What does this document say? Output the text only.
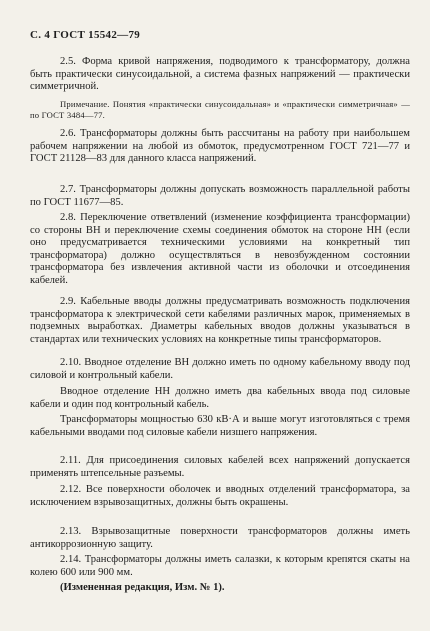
С. 4 ГОСТ 15542—79
2.5. Форма кривой напряжения, подводимого к трансформатору, должна быть практически синусоидальной, а система фазных напряжений — практически симметричной.
Примечание. Понятия «практически синусоидальная» и «практически симметричная» — по ГОСТ 3484—77.
2.6. Трансформаторы должны быть рассчитаны на работу при наибольшем рабочем напряжении на любой из обмоток, предусмотренном ГОСТ 721—77 и ГОСТ 21128—83 для данного класса напряжений.
2.7. Трансформаторы должны допускать возможность параллельной работы по ГОСТ 11677—85.
2.8. Переключение ответвлений (изменение коэффициента трансформации) со стороны ВН и переключение схемы соединения обмоток на стороне НН (если оно предусматривается техническими условиями на конкретный тип трансформатора) должно осуществляться в невозбужденном состоянии трансформатора без извлечения активной части из оболочки и отсоединения кабелей.
2.9. Кабельные вводы должны предусматривать возможность подключения трансформатора к электрической сети кабелями различных марок, применяемых в подземных выработках. Диаметры кабельных вводов должны указываться в стандартах или технических условиях на конкретные типы трансформаторов.
2.10. Вводное отделение ВН должно иметь по одному кабельному вводу под силовой и контрольный кабели.
Вводное отделение НН должно иметь два кабельных ввода под силовые кабели и один под контрольный кабель.
Трансформаторы мощностью 630 кВ·А и выше могут изготовляться с тремя кабельными вводами под силовые кабели низшего напряжения.
2.11. Для присоединения силовых кабелей всех напряжений допускается применять штепсельные разъемы.
2.12. Все поверхности оболочек и вводных отделений трансформатора, за исключением взрывозащитных, должны быть окрашены.
2.13. Взрывозащитные поверхности трансформаторов должны иметь антикоррозионную защиту.
2.14. Трансформаторы должны иметь салазки, к которым крепятся скаты на колею 600 или 900 мм.
(Измененная редакция, Изм. № 1).
